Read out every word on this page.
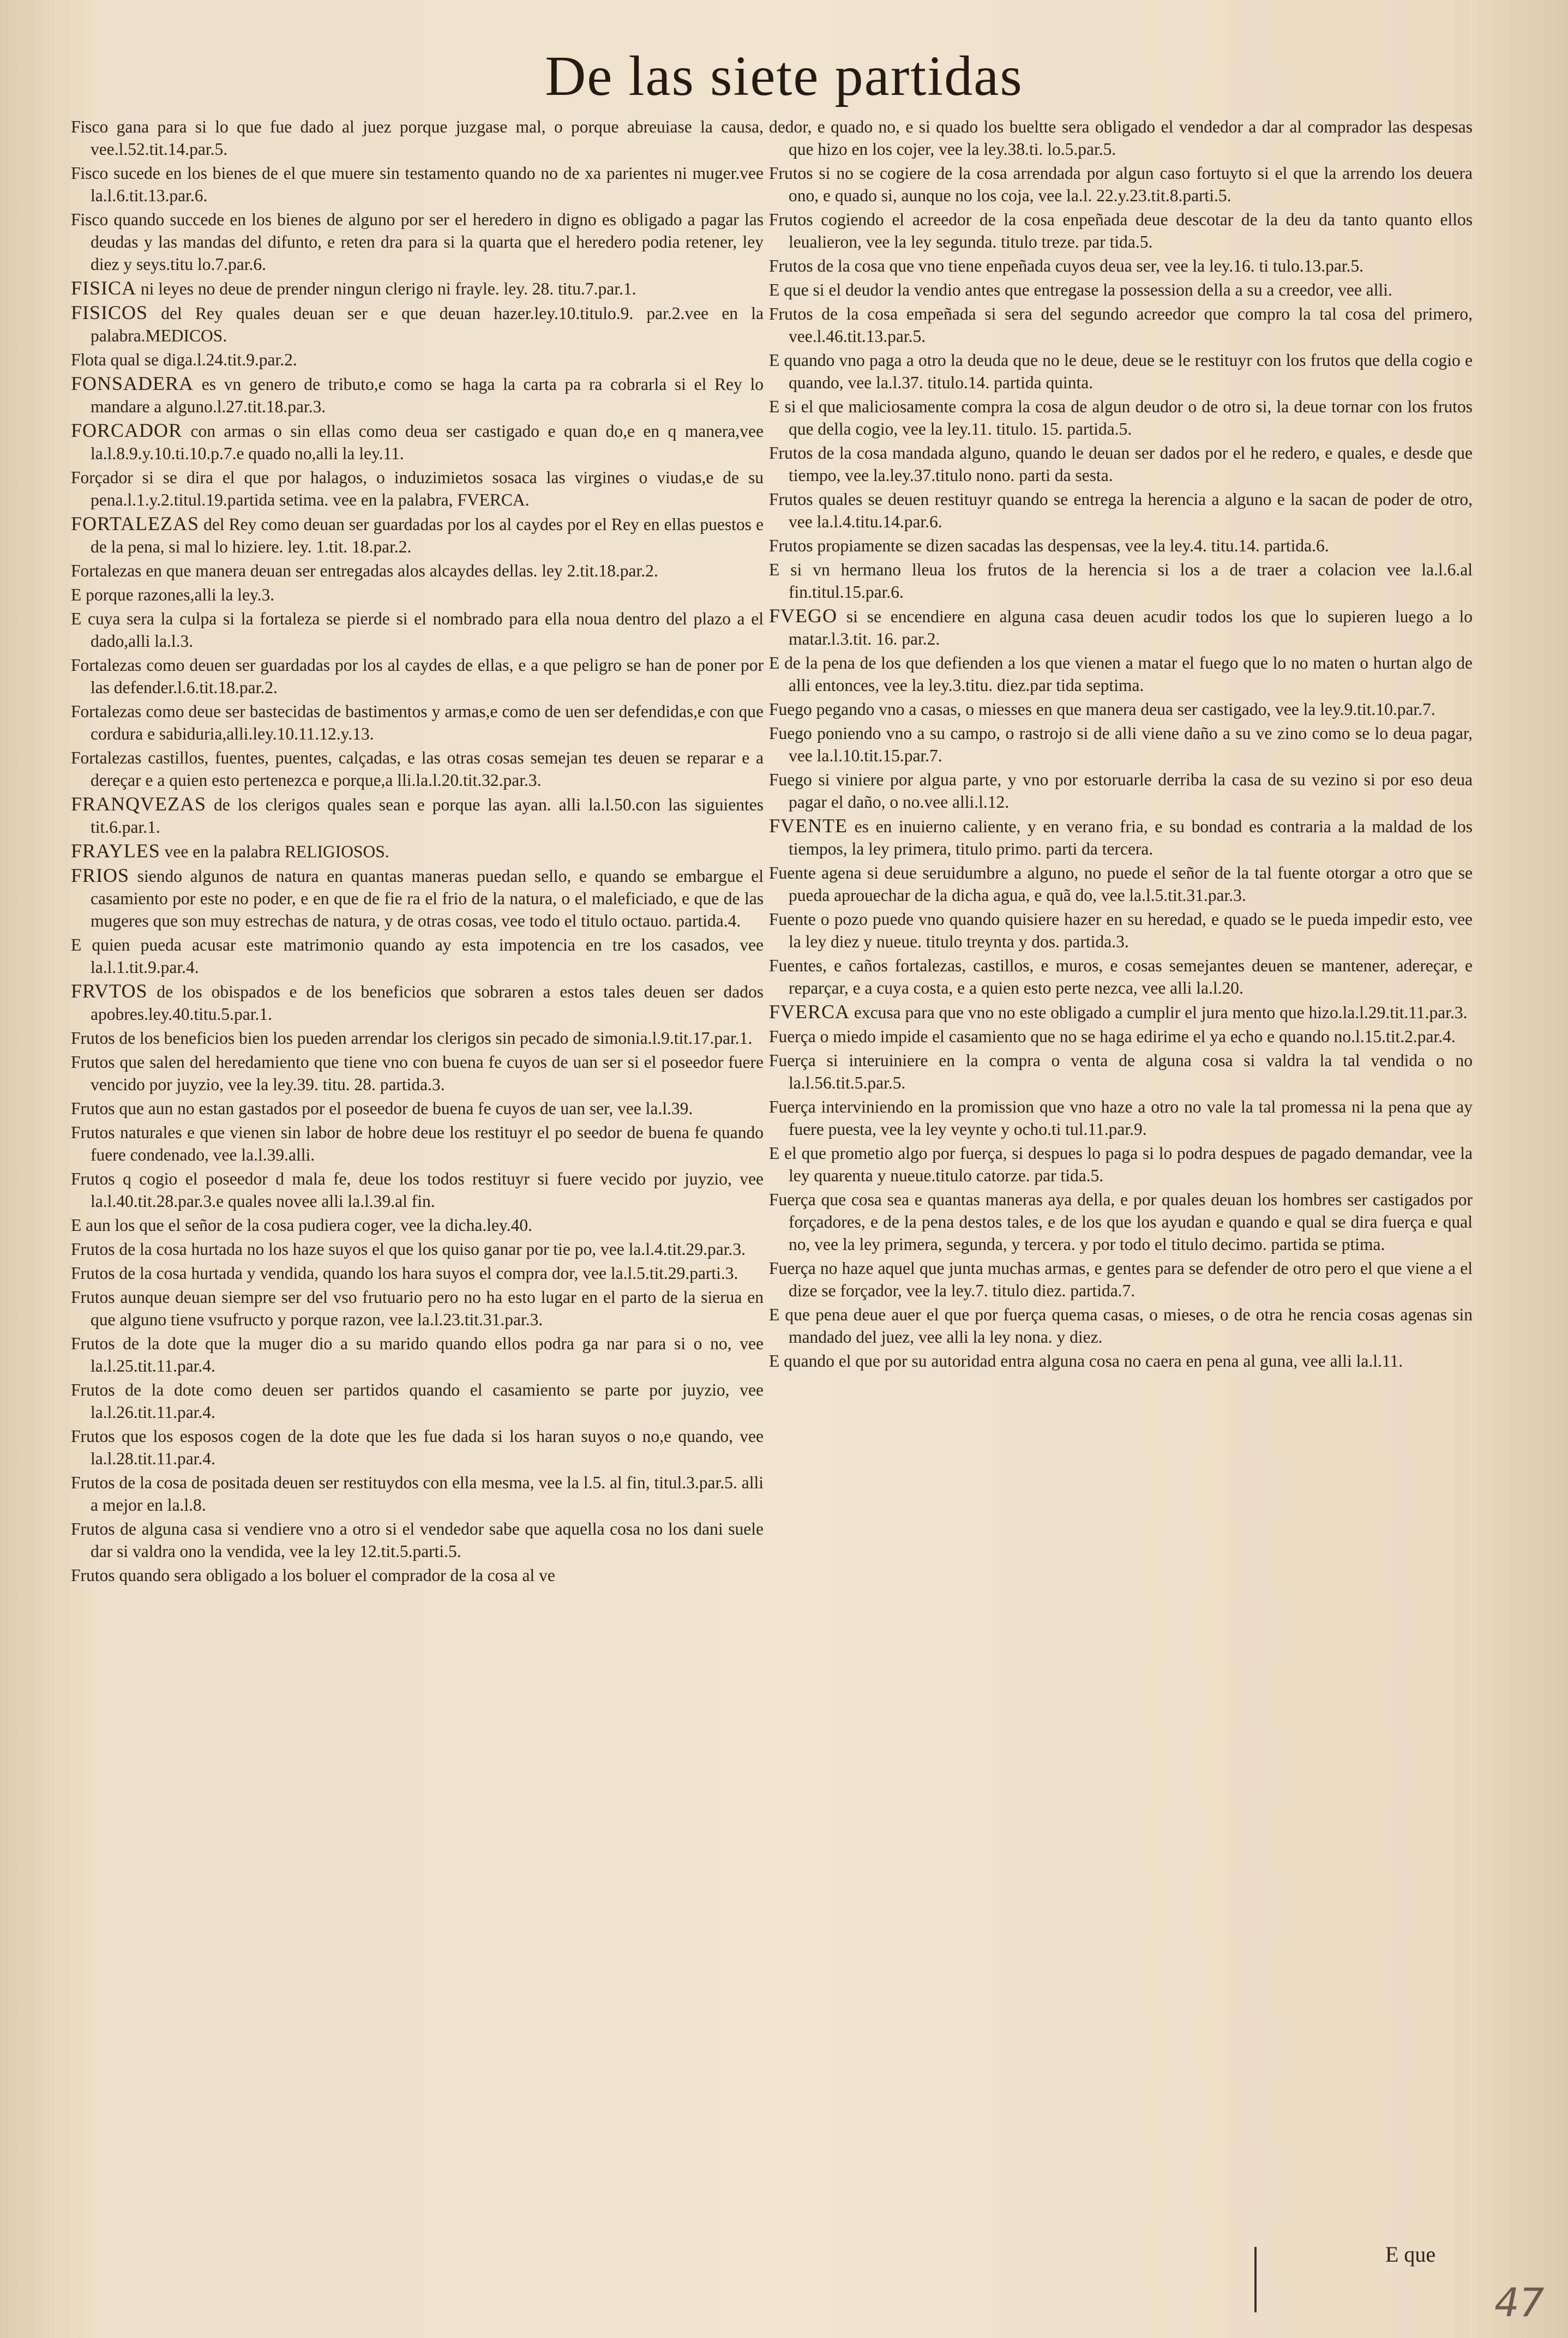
De las siete partidas

Fisco gana para si lo que fue dado al juez porque juzgase mal, o porque abreuiase la causa, vee.l.52.tit.14.par.5.

Fisco sucede en los bienes de el que muere sin testamento quando no de xa parientes ni muger.vee la.l.6.tit.13.par.6.

Fisco quando succede en los bienes de alguno por ser el heredero in digno es obligado a pagar las deudas y las mandas del difunto, e reten dra para si la quarta que el heredero podia retener, ley diez y seys.titu lo.7.par.6.

FISICA ni leyes no deue de prender ningun clerigo ni frayle. ley. 28. titu.7.par.1.

FISICOS del Rey quales deuan ser e que deuan hazer.ley.10.titulo.9. par.2.vee en la palabra.MEDICOS.

Flota qual se diga.l.24.tit.9.par.2.

FONSADERA es vn genero de tributo,e como se haga la carta pa ra cobrarla si el Rey lo mandare a alguno.l.27.tit.18.par.3.

FORCADOR con armas o sin ellas como deua ser castigado e quan do,e en q manera,vee la.l.8.9.y.10.ti.10.p.7.e quado no,alli la ley.11.

Forçador si se dira el que por halagos, o induzimietos sosaca las virgines o viudas,e de su pena.l.1.y.2.titul.19.partida setima. vee en la palabra, FVERCA.

FORTALEZAS del Rey como deuan ser guardadas por los al caydes por el Rey en ellas puestos e de la pena, si mal lo hiziere. ley. 1.tit. 18.par.2.

Fortalezas en que manera deuan ser entregadas alos alcaydes dellas. ley 2.tit.18.par.2.

E porque razones,alli la ley.3.

E cuya sera la culpa si la fortaleza se pierde si el nombrado para ella noua dentro del plazo a el dado,alli la.l.3.

Fortalezas como deuen ser guardadas por los al caydes de ellas, e a que peligro se han de poner por las defender.l.6.tit.18.par.2.

Fortalezas como deue ser bastecidas de bastimentos y armas,e como de uen ser defendidas,e con que cordura e sabiduria,alli.ley.10.11.12.y.13.

Fortalezas castillos, fuentes, puentes, calçadas, e las otras cosas semejan tes deuen se reparar e a dereçar e a quien esto pertenezca e porque,a lli.la.l.20.tit.32.par.3.

FRANQVEZAS de los clerigos quales sean e porque las ayan. alli la.l.50.con las siguientes tit.6.par.1.

FRAYLES vee en la palabra RELIGIOSOS.

FRIOS siendo algunos de natura en quantas maneras puedan sello, e quando se embargue el casamiento por este no poder, e en que de fie ra el frio de la natura, o el maleficiado, e que de las mugeres que son muy estrechas de natura, y de otras cosas, vee todo el titulo octauo. partida.4.

E quien pueda acusar este matrimonio quando ay esta impotencia en tre los casados, vee la.l.1.tit.9.par.4.

FRVTOS de los obispados e de los beneficios que sobraren a estos tales deuen ser dados apobres.ley.40.titu.5.par.1.

Frutos de los beneficios bien los pueden arrendar los clerigos sin pecado de simonia.l.9.tit.17.par.1.

Frutos que salen del heredamiento que tiene vno con buena fe cuyos de uan ser si el poseedor fuere vencido por juyzio, vee la ley.39. titu. 28. partida.3.

Frutos que aun no estan gastados por el poseedor de buena fe cuyos de uan ser, vee la.l.39.

Frutos naturales e que vienen sin labor de hobre deue los restituyr el po seedor de buena fe quando fuere condenado, vee la.l.39.alli.

Frutos q cogio el poseedor d mala fe, deue los todos restituyr si fuere vecido por juyzio, vee la.l.40.tit.28.par.3.e quales novee alli la.l.39.al fin.

E aun los que el señor de la cosa pudiera coger, vee la dicha.ley.40.

Frutos de la cosa hurtada no los haze suyos el que los quiso ganar por tie po, vee la.l.4.tit.29.par.3.

Frutos de la cosa hurtada y vendida, quando los hara suyos el compra dor, vee la.l.5.tit.29.parti.3.

Frutos aunque deuan siempre ser del vso frutuario pero no ha esto lugar en el parto de la sierua en que alguno tiene vsufructo y porque razon, vee la.l.23.tit.31.par.3.

Frutos de la dote que la muger dio a su marido quando ellos podra ga nar para si o no, vee la.l.25.tit.11.par.4.

Frutos de la dote como deuen ser partidos quando el casamiento se parte por juyzio, vee la.l.26.tit.11.par.4.

Frutos que los esposos cogen de la dote que les fue dada si los haran suyos o no,e quando, vee la.l.28.tit.11.par.4.

Frutos de la cosa de positada deuen ser restituydos con ella mesma, vee la l.5. al fin, titul.3.par.5. alli a mejor en la.l.8.

Frutos de alguna casa si vendiere vno a otro si el vendedor sabe que aquella cosa no los dani suele dar si valdra ono la vendida, vee la ley 12.tit.5.parti.5.

Frutos quando sera obligado a los boluer el comprador de la cosa al ve

dedor, e quado no, e si quado los bueltte sera obligado el vendedor a dar al comprador las despesas que hizo en los cojer, vee la ley.38.ti. lo.5.par.5.

Frutos si no se cogiere de la cosa arrendada por algun caso fortuyto si el que la arrendo los deuera ono, e quado si, aunque no los coja, vee la.l. 22.y.23.tit.8.parti.5.

Frutos cogiendo el acreedor de la cosa enpeñada deue descotar de la deu da tanto quanto ellos leualieron, vee la ley segunda. titulo treze. par tida.5.

Frutos de la cosa que vno tiene enpeñada cuyos deua ser, vee la ley.16. ti tulo.13.par.5.

E que si el deudor la vendio antes que entregase la possession della a su a creedor, vee alli.

Frutos de la cosa empeñada si sera del segundo acreedor que compro la tal cosa del primero, vee.l.46.tit.13.par.5.

E quando vno paga a otro la deuda que no le deue, deue se le restituyr con los frutos que della cogio e quando, vee la.l.37. titulo.14. partida quinta.

E si el que maliciosamente compra la cosa de algun deudor o de otro si, la deue tornar con los frutos que della cogio, vee la ley.11. titulo. 15. partida.5.

Frutos de la cosa mandada alguno, quando le deuan ser dados por el he redero, e quales, e desde que tiempo, vee la.ley.37.titulo nono. parti da sesta.

Frutos quales se deuen restituyr quando se entrega la herencia a alguno e la sacan de poder de otro, vee la.l.4.titu.14.par.6.

Frutos propiamente se dizen sacadas las despensas, vee la ley.4. titu.14. partida.6.

E si vn hermano lleua los frutos de la herencia si los a de traer a colacion vee la.l.6.al fin.titul.15.par.6.

FVEGO si se encendiere en alguna casa deuen acudir todos los que lo supieren luego a lo matar.l.3.tit. 16. par.2.

E de la pena de los que defienden a los que vienen a matar el fuego que lo no maten o hurtan algo de alli entonces, vee la ley.3.titu. diez.par tida septima.

Fuego pegando vno a casas, o miesses en que manera deua ser castigado, vee la ley.9.tit.10.par.7.

Fuego poniendo vno a su campo, o rastrojo si de alli viene daño a su ve zino como se lo deua pagar, vee la.l.10.tit.15.par.7.

Fuego si viniere por algua parte, y vno por estoruarle derriba la casa de su vezino si por eso deua pagar el daño, o no.vee alli.l.12.

FVENTE es en inuierno caliente, y en verano fria, e su bondad es contraria a la maldad de los tiempos, la ley primera, titulo primo. parti da tercera.

Fuente agena si deue seruidumbre a alguno, no puede el señor de la tal fuente otorgar a otro que se pueda aprouechar de la dicha agua, e quã do, vee la.l.5.tit.31.par.3.

Fuente o pozo puede vno quando quisiere hazer en su heredad, e quado se le pueda impedir esto, vee la ley diez y nueue. titulo treynta y dos. partida.3.

Fuentes, e caños fortalezas, castillos, e muros, e cosas semejantes deuen se mantener, adereçar, e reparçar, e a cuya costa, e a quien esto perte nezca, vee alli la.l.20.

FVERCA excusa para que vno no este obligado a cumplir el jura mento que hizo.la.l.29.tit.11.par.3.

Fuerça o miedo impide el casamiento que no se haga edirime el ya echo e quando no.l.15.tit.2.par.4.

Fuerça si interuiniere en la compra o venta de alguna cosa si valdra la tal vendida o no la.l.56.tit.5.par.5.

Fuerça interviniendo en la promission que vno haze a otro no vale la tal promessa ni la pena que ay fuere puesta, vee la ley veynte y ocho.ti tul.11.par.9.

E el que prometio algo por fuerça, si despues lo paga si lo podra despues de pagado demandar, vee la ley quarenta y nueue.titulo catorze. par tida.5.

Fuerça que cosa sea e quantas maneras aya della, e por quales deuan los hombres ser castigados por forçadores, e de la pena destos tales, e de los que los ayudan e quando e qual se dira fuerça e qual no, vee la ley primera, segunda, y tercera. y por todo el titulo decimo. partida se ptima.

Fuerça no haze aquel que junta muchas armas, e gentes para se defender de otro pero el que viene a el dize se forçador, vee la ley.7. titulo diez. partida.7.

E que pena deue auer el que por fuerça quema casas, o mieses, o de otra he rencia cosas agenas sin mandado del juez, vee alli la ley nona. y diez.

E quando el que por su autoridad entra alguna cosa no caera en pena al guna, vee alli la.l.11.

E que
47
